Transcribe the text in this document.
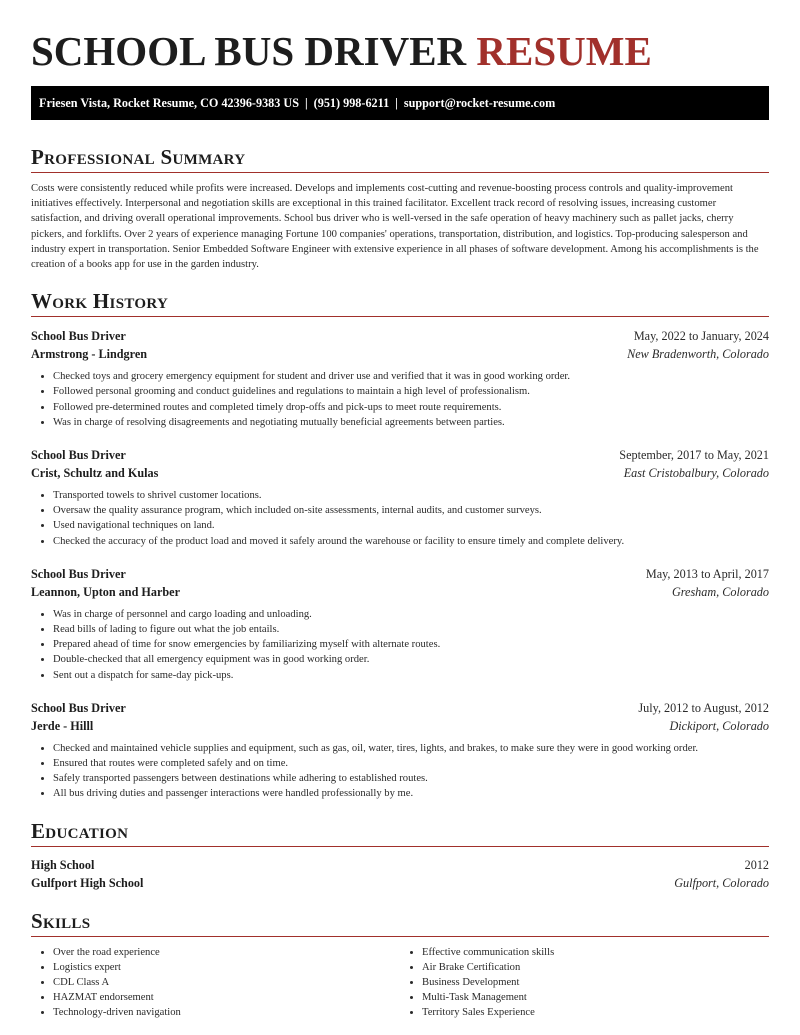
SCHOOL BUS DRIVER RESUME
Friesen Vista, Rocket Resume, CO 42396-9383 US | (951) 998-6211 | support@rocket-resume.com
Professional Summary

Costs were consistently reduced while profits were increased. Develops and implements cost-cutting and revenue-boosting process controls and quality-improvement initiatives effectively. Interpersonal and negotiation skills are exceptional in this trained facilitator. Excellent track record of resolving issues, increasing customer satisfaction, and driving overall operational improvements. School bus driver who is well-versed in the safe operation of heavy machinery such as pallet jacks, cherry pickers, and forklifts. Over 2 years of experience managing Fortune 100 companies' operations, transportation, distribution, and logistics. Top-producing salesperson and industry expert in transportation. Senior Embedded Software Engineer with extensive experience in all phases of software development. Among his accomplishments is the creation of a books app for use in the garden industry.

Work History
School Bus Driver	May, 2022 to January, 2024
Armstrong - Lindgren	New Bradenworth, Colorado
• Checked toys and grocery emergency equipment for student and driver use and verified that it was in good working order.
• Followed personal grooming and conduct guidelines and regulations to maintain a high level of professionalism.
• Followed pre-determined routes and completed timely drop-offs and pick-ups to meet route requirements.
• Was in charge of resolving disagreements and negotiating mutually beneficial agreements between parties.
School Bus Driver	September, 2017 to May, 2021
Crist, Schultz and Kulas	East Cristobalbury, Colorado
• Transported towels to shrivel customer locations.
• Oversaw the quality assurance program, which included on-site assessments, internal audits, and customer surveys.
• Used navigational techniques on land.
• Checked the accuracy of the product load and moved it safely around the warehouse or facility to ensure timely and complete delivery.
School Bus Driver	May, 2013 to April, 2017
Leannon, Upton and Harber	Gresham, Colorado
• Was in charge of personnel and cargo loading and unloading.
• Read bills of lading to figure out what the job entails.
• Prepared ahead of time for snow emergencies by familiarizing myself with alternate routes.
• Double-checked that all emergency equipment was in good working order.
• Sent out a dispatch for same-day pick-ups.
School Bus Driver	July, 2012 to August, 2012
Jerde - Hilll	Dickiport, Colorado
• Checked and maintained vehicle supplies and equipment, such as gas, oil, water, tires, lights, and brakes, to make sure they were in good working order.
• Ensured that routes were completed safely and on time.
• Safely transported passengers between destinations while adhering to established routes.
• All bus driving duties and passenger interactions were handled professionally by me.
Education
High School	2012
Gulfport High School	Gulfport, Colorado
Skills
• Over the road experience
• Logistics expert
• CDL Class A
• HAZMAT endorsement
• Technology-driven navigation
• Effective communication skills
• Air Brake Certification
• Business Development
• Multi-Task Management
• Territory Sales Experience
